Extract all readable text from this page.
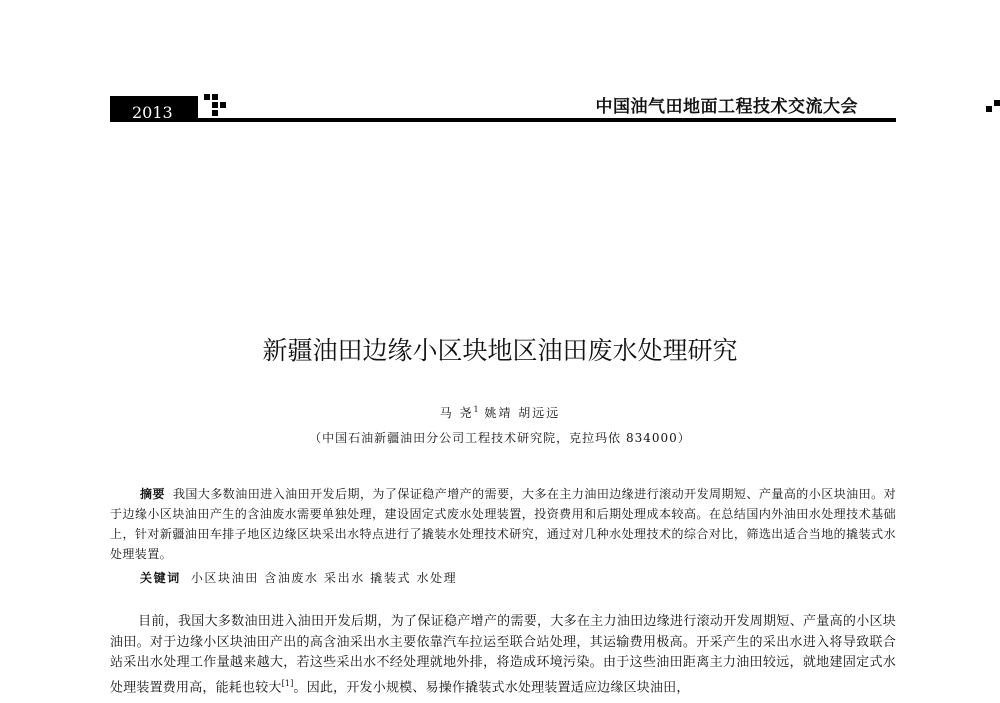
2013	中国油气田地面工程技术交流大会
新疆油田边缘小区块地区油田废水处理研究
马 尧$^1$ 姚靖 胡远远
（中国石油新疆油田分公司工程技术研究院，克拉玛依 834000）
摘要 我国大多数油田进入油田开发后期，为了保证稳产增产的需要，大多在主力油田边缘进行滚动开发周期短、产量高的小区块油田。对于边缘小区块油田产生的含油废水需要单独处理，建设固定式废水处理装置，投资费用和后期处理成本较高。在总结国内外油田水处理技术基础上，针对新疆油田车排子地区边缘区块采出水特点进行了撬装水处理技术研究，通过对几种水处理技术的综合对比，筛选出适合当地的撬装式水处理装置。
关键词 小区块油田 含油废水 采出水 撬装式 水处理
目前，我国大多数油田进入油田开发后期，为了保证稳产增产的需要，大多在主力油田边缘进行滚动开发周期短、产量高的小区块油田。对于边缘小区块油田产出的高含油采出水主要依靠汽车拉运至联合站处理，其运输费用极高。开采产生的采出水进入将导致联合站采出水处理工作量越来越大，若这些采出水不经处理就地外排，将造成环境污染。由于这些油田距离主力油田较远，就地建固定式水处理装置费用高，能耗也较大[1]。因此，开发小规模、易操作撬装式水处理装置适应边缘区块油田，
